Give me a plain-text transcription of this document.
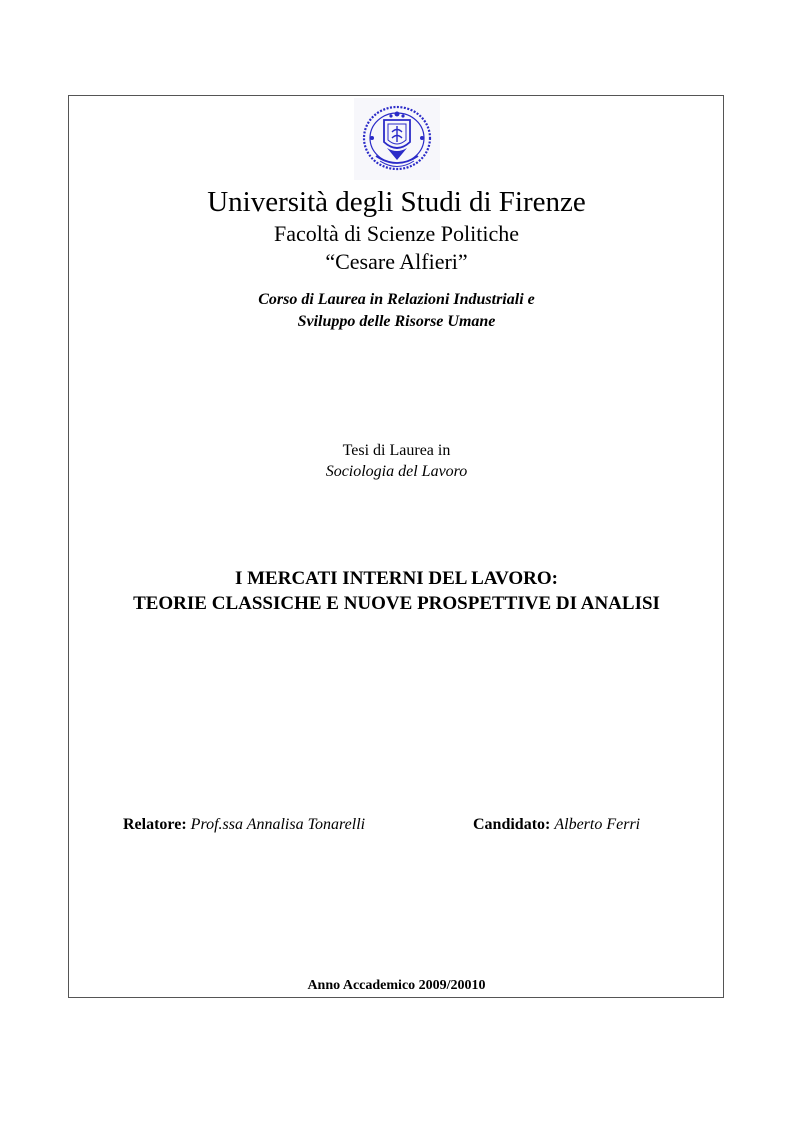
Università degli Studi di Firenze
Facoltà di Scienze Politiche
“Cesare Alfieri”
Corso di Laurea in Relazioni Industriali e
Sviluppo delle Risorse Umane
Tesi di Laurea in
Sociologia del Lavoro
I MERCATI INTERNI DEL LAVORO:
TEORIE CLASSICHE E NUOVE PROSPETTIVE DI ANALISI
Relatore: Prof.ssa Annalisa Tonarelli	Candidato: Alberto Ferri
Anno Accademico 2009/20010
